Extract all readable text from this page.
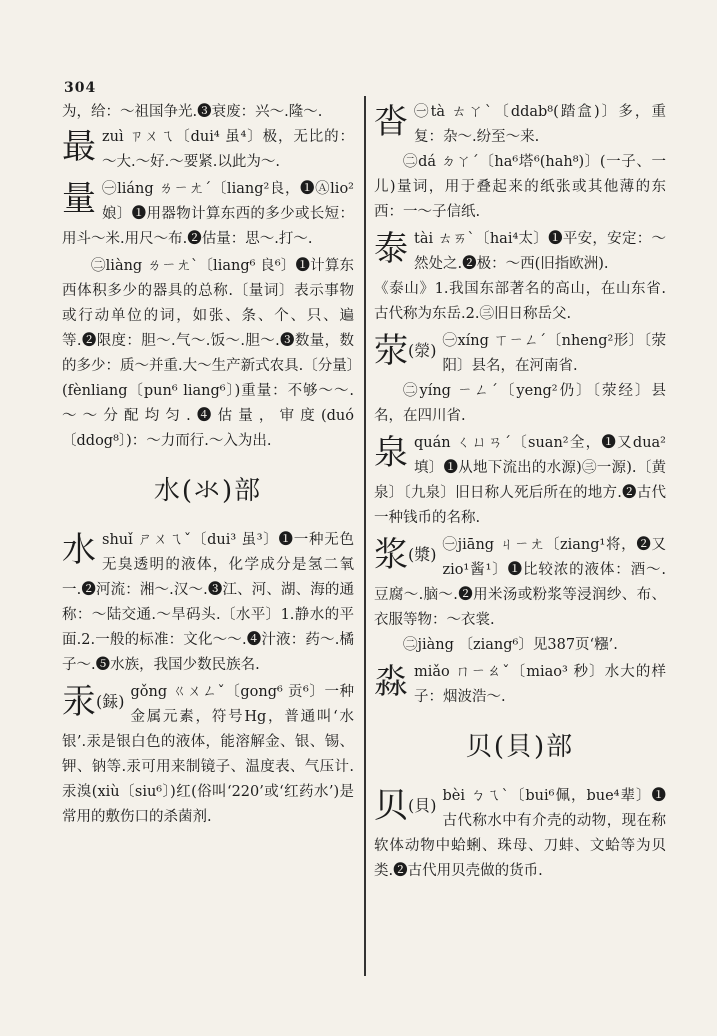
304

为，给：～祖国争光.❸衰废：兴～.隆～.

最 zuì ㄗㄨㄟ〔dui⁴ 虽⁴〕极，无比的：～大.～好.～要紧.以此为～.

量 ㊀liáng ㄌㄧㄤˊ〔liang²良，❶Ⓐlio²娘〕❶用器物计算东西的多少或长短：用斗～米.用尺～布.❷估量：思～.打～.

㊁liàng ㄌㄧㄤˋ〔liang⁶ 良⁶〕❶计算东西体积多少的器具的总称.〔量词〕表示事物或行动单位的词，如张、条、个、只、遍等.❷限度：胆～.气～.饭～.胆～.❸数量，数的多少：质～并重.大～生产新式农具.〔分量〕(fènliang〔pun⁶ liang⁶〕)重量：不够～～.～～分配均匀.❹估量，审度(duó〔ddog⁸〕)：～力而行.～入为出.

水(氺)部
水 shuǐ ㄕㄨㄟˇ〔dui³ 虽³〕❶一种无色无臭透明的液体，化学成分是氢二氧一.❷河流：湘～.汉～.❸江、河、湖、海的通称：～陆交通.～旱码头.〔水平〕1.静水的平面.2.一般的标准：文化～～.❹汁液：药～.橘子～.❺水族，我国少数民族名.

汞(銾) gǒng ㄍㄨㄥˇ〔gong⁶ 贡⁶〕一种金属元素，符号Hg，普通叫‘水银’.汞是银白色的液体，能溶解金、银、锡、钾、钠等.汞可用来制镜子、温度表、气压计.汞溴(xiù〔siu⁶〕)红(俗叫‘220’或‘红药水’)是常用的敷伤口的杀菌剂.

沓 ㊀tà ㄊㄚˋ〔ddab⁸(踏盒)〕多，重复：杂～.纷至～来.

㊁dá ㄉㄚˊ〔ha⁶塔⁶(hah⁸)〕(一子、一儿)量词，用于叠起来的纸张或其他薄的东西：一～子信纸.

泰 tài ㄊㄞˋ〔hai⁴太〕❶平安，安定：～然处之.❷极：～西(旧指欧洲).

《泰山》1.我国东部著名的高山，在山东省.古代称为东岳.2.㊂旧日称岳父.

荥(滎) ㊀xíng ㄒㄧㄥˊ〔nheng²形〕〔荥阳〕县名，在河南省.

㊁yíng ㄧㄥˊ〔yeng²仍〕〔荥经〕县名，在四川省.

泉 quán ㄑㄩㄢˊ〔suan²全，❶又dua²填〕❶从地下流出的水源)㊂一源).〔黄泉〕〔九泉〕旧日称人死后所在的地方.❷古代一种钱币的名称.

浆(漿) ㊀jiāng ㄐㄧㄤ〔ziang¹将，❷又zio¹酱¹〕❶比较浓的液体：酒～.豆腐～.脑～.❷用米汤或粉浆等浸润纱、布、衣服等物：～衣裳.

㊁jiàng 〔ziang⁶〕见387页‘糨’.

淼 miǎo ㄇㄧㄠˇ〔miao³ 秒〕水大的样子：烟波浩～.

贝(貝)部
贝(貝) bèi ㄅㄟˋ〔bui⁶佩，bue⁴辈〕❶古代称水中有介壳的动物，现在称软体动物中蛤蜊、珠母、刀蚌、文蛤等为贝类.❷古代用贝壳做的货币.
